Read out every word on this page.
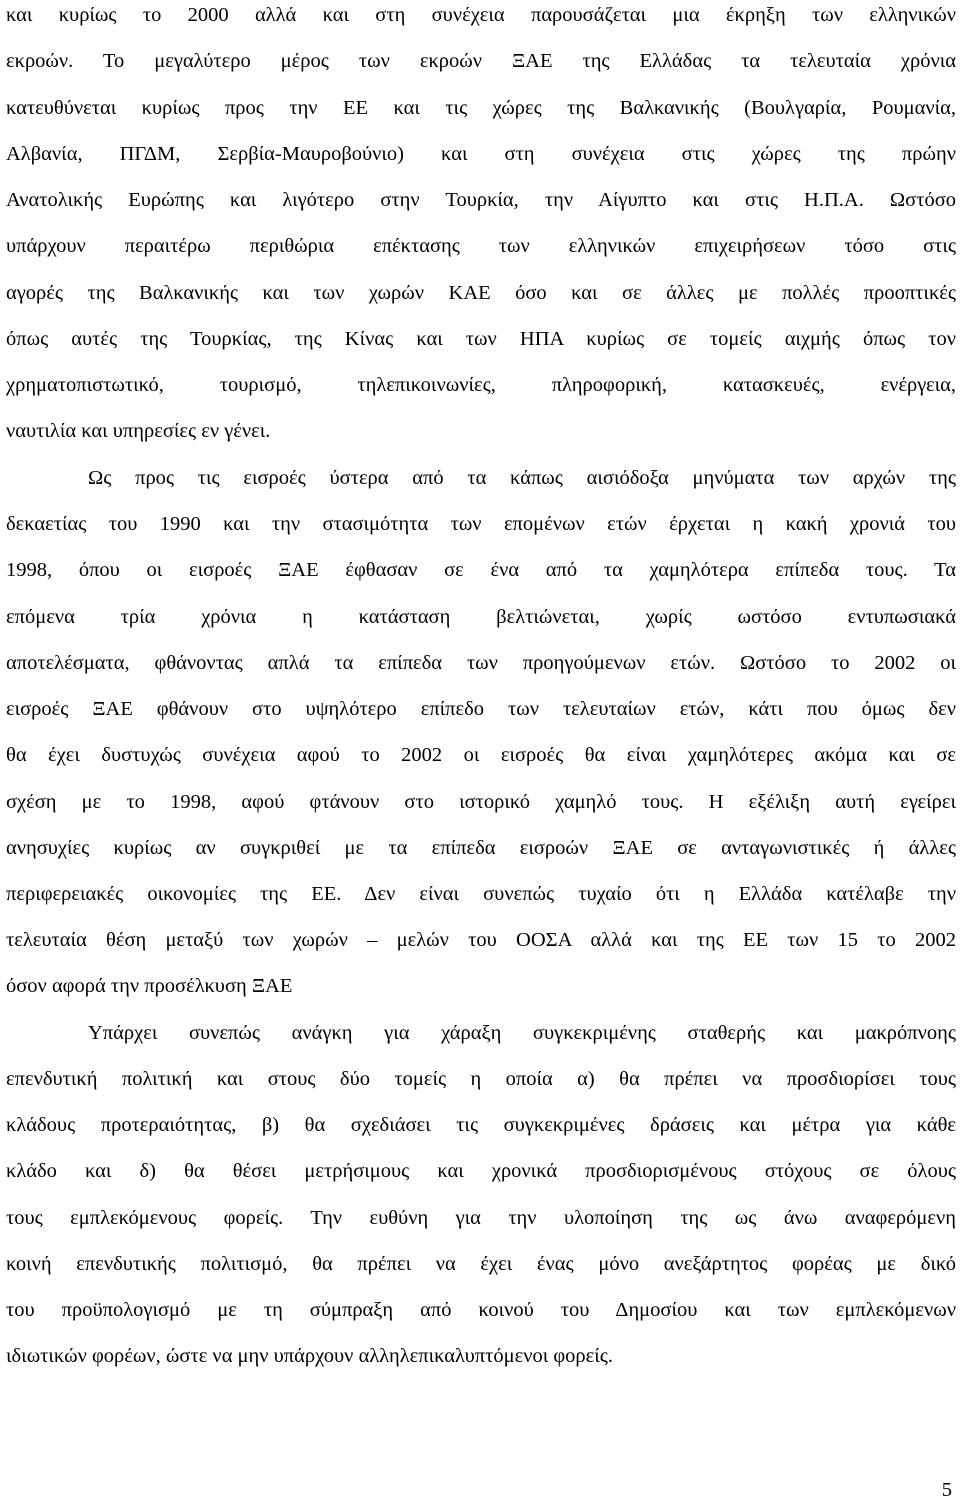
και κυρίως το 2000 αλλά και στη συνέχεια παρουσάζεται μια έκρηξη των ελληνικών
εκροών. Το μεγαλύτερο μέρος των εκροών ΞΑΕ της Ελλάδας τα τελευταία χρόνια
κατευθύνεται κυρίως προς την ΕΕ και τις χώρες της Βαλκανικής (Βουλγαρία, Ρουμανία,
Αλβανία, ΠΓΔΜ, Σερβία-Μαυροβούνιο) και στη συνέχεια στις χώρες της πρώην
Ανατολικής Ευρώπης και λιγότερο στην Τουρκία, την Αίγυπτο και στις Η.Π.Α. Ωστόσο
υπάρχουν περαιτέρω περιθώρια επέκτασης των ελληνικών επιχειρήσεων τόσο στις
αγορές της Βαλκανικής και των χωρών ΚΑΕ όσο και σε άλλες με πολλές προοπτικές
όπως αυτές της Τουρκίας, της Κίνας και των ΗΠΑ κυρίως σε τομείς αιχμής όπως τον
χρηματοπιστωτικό, τουρισμό, τηλεπικοινωνίες, πληροφορική, κατασκευές, ενέργεια,
ναυτιλία και υπηρεσίες εν γένει.
Ως προς τις εισροές ύστερα από τα κάπως αισιόδοξα μηνύματα των αρχών της
δεκαετίας του 1990 και την στασιμότητα των επομένων ετών έρχεται η κακή χρονιά του
1998, όπου οι εισροές ΞΑΕ έφθασαν σε ένα από τα χαμηλότερα επίπεδα τους. Τα
επόμενα τρία χρόνια η κατάσταση βελτιώνεται, χωρίς ωστόσο εντυπωσιακά
αποτελέσματα, φθάνοντας απλά τα επίπεδα των προηγούμενων ετών. Ωστόσο το 2002 οι
εισροές ΞΑΕ φθάνουν στο υψηλότερο επίπεδο των τελευταίων ετών, κάτι που όμως δεν
θα έχει δυστυχώς συνέχεια αφού το 2002 οι εισροές θα είναι χαμηλότερες ακόμα και σε
σχέση με το 1998, αφού φτάνουν στο ιστορικό χαμηλό τους. Η εξέλιξη αυτή εγείρει
ανησυχίες κυρίως αν συγκριθεί με τα επίπεδα εισροών ΞΑΕ σε ανταγωνιστικές ή άλλες
περιφερειακές οικονομίες της ΕΕ. Δεν είναι συνεπώς τυχαίο ότι η Ελλάδα κατέλαβε την
τελευταία θέση μεταξύ των χωρών – μελών του ΟΟΣΑ αλλά και της ΕΕ των 15 το 2002
όσον αφορά την προσέλκυση ΞΑΕ
Υπάρχει συνεπώς ανάγκη για χάραξη συγκεκριμένης σταθερής και μακρόπνοης
επενδυτική πολιτική και στους δύο τομείς η οποία α) θα πρέπει να προσδιορίσει τους
κλάδους προτεραιότητας, β) θα σχεδιάσει τις συγκεκριμένες δράσεις και μέτρα για κάθε
κλάδο και δ) θα θέσει μετρήσιμους και χρονικά προσδιορισμένους στόχους σε όλους
τους εμπλεκόμενους φορείς. Την ευθύνη για την υλοποίηση της ως άνω αναφερόμενη
κοινή επενδυτικής πολιτισμό, θα πρέπει να έχει ένας μόνο ανεξάρτητος φορέας με δικό
του προϋπολογισμό με τη σύμπραξη από κοινού του Δημοσίου και των εμπλεκόμενων
ιδιωτικών φορέων, ώστε να μην υπάρχουν αλληλεπικαλυπτόμενοι φορείς.
5
